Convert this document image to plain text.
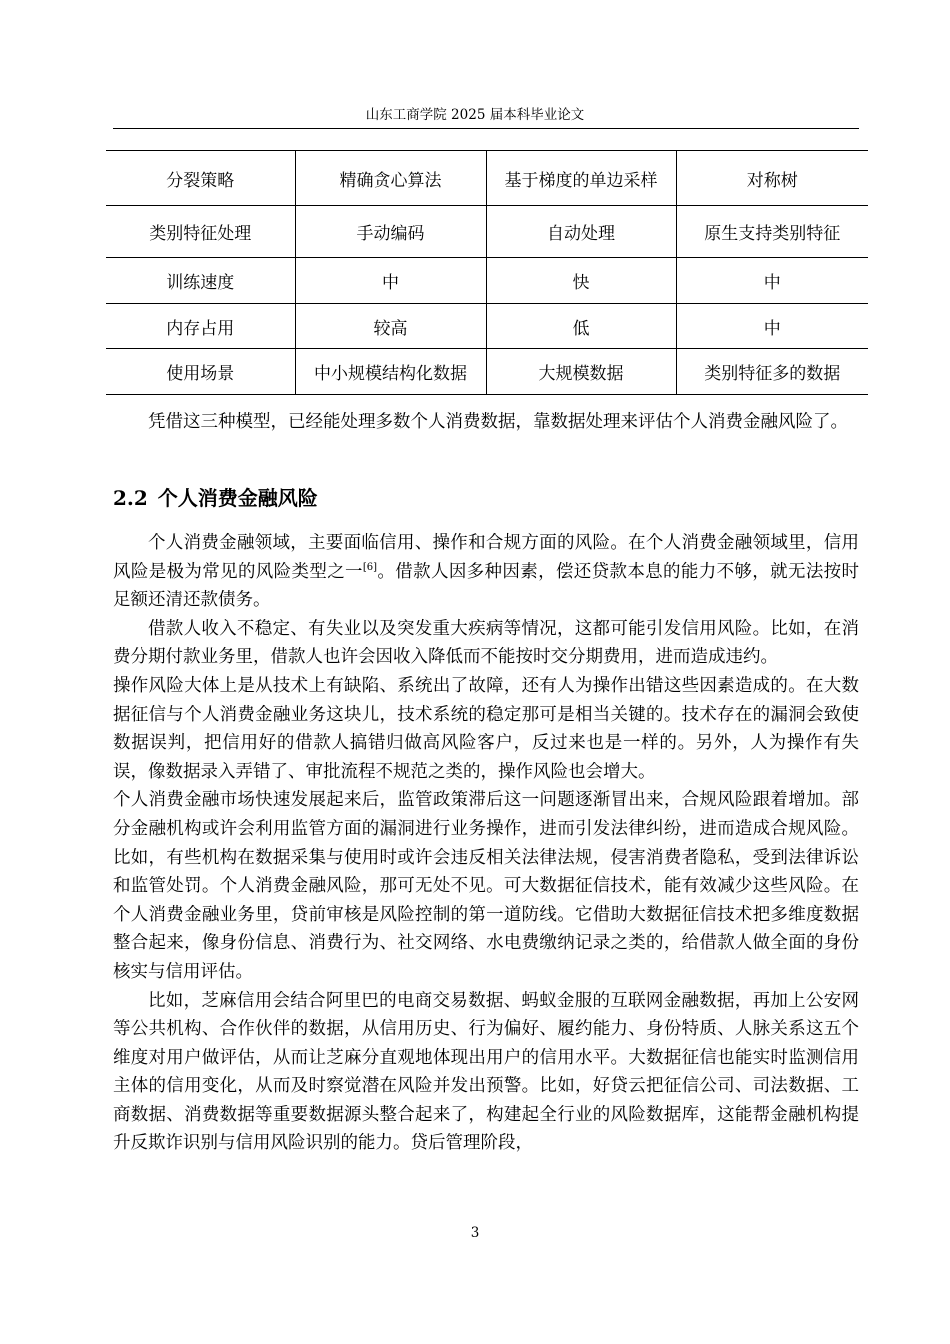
山东工商学院 2025 届本科毕业论文
分裂策略	精确贪心算法	基于梯度的单边采样	对称树
类别特征处理	手动编码	自动处理	原生支持类别特征
训练速度	中	快	中
内存占用	较高	低	中
使用场景	中小规模结构化数据	大规模数据	类别特征多的数据

凭借这三种模型，已经能处理多数个人消费数据，靠数据处理来评估个人消费金融风险了。

2.2 个人消费金融风险

个人消费金融领域，主要面临信用、操作和合规方面的风险。在个人消费金融领域里，信用风险是极为常见的风险类型之一[6]。借款人因多种因素，偿还贷款本息的能力不够，就无法按时足额还清还款债务。

借款人收入不稳定、有失业以及突发重大疾病等情况，这都可能引发信用风险。比如，在消费分期付款业务里，借款人也许会因收入降低而不能按时交分期费用，进而造成违约。

操作风险大体上是从技术上有缺陷、系统出了故障，还有人为操作出错这些因素造成的。在大数据征信与个人消费金融业务这块儿，技术系统的稳定那可是相当关键的。技术存在的漏洞会致使数据误判，把信用好的借款人搞错归做高风险客户，反过来也是一样的。另外，人为操作有失误，像数据录入弄错了、审批流程不规范之类的，操作风险也会增大。

个人消费金融市场快速发展起来后，监管政策滞后这一问题逐渐冒出来，合规风险跟着增加。部分金融机构或许会利用监管方面的漏洞进行业务操作，进而引发法律纠纷，进而造成合规风险。比如，有些机构在数据采集与使用时或许会违反相关法律法规，侵害消费者隐私，受到法律诉讼和监管处罚。个人消费金融风险，那可无处不见。可大数据征信技术，能有效减少这些风险。在个人消费金融业务里，贷前审核是风险控制的第一道防线。它借助大数据征信技术把多维度数据整合起来，像身份信息、消费行为、社交网络、水电费缴纳记录之类的，给借款人做全面的身份核实与信用评估。

比如，芝麻信用会结合阿里巴的电商交易数据、蚂蚁金服的互联网金融数据，再加上公安网等公共机构、合作伙伴的数据，从信用历史、行为偏好、履约能力、身份特质、人脉关系这五个维度对用户做评估，从而让芝麻分直观地体现出用户的信用水平。大数据征信也能实时监测信用主体的信用变化，从而及时察觉潜在风险并发出预警。比如，好贷云把征信公司、司法数据、工商数据、消费数据等重要数据源头整合起来了，构建起全行业的风险数据库，这能帮金融机构提升反欺诈识别与信用风险识别的能力。贷后管理阶段，

3
